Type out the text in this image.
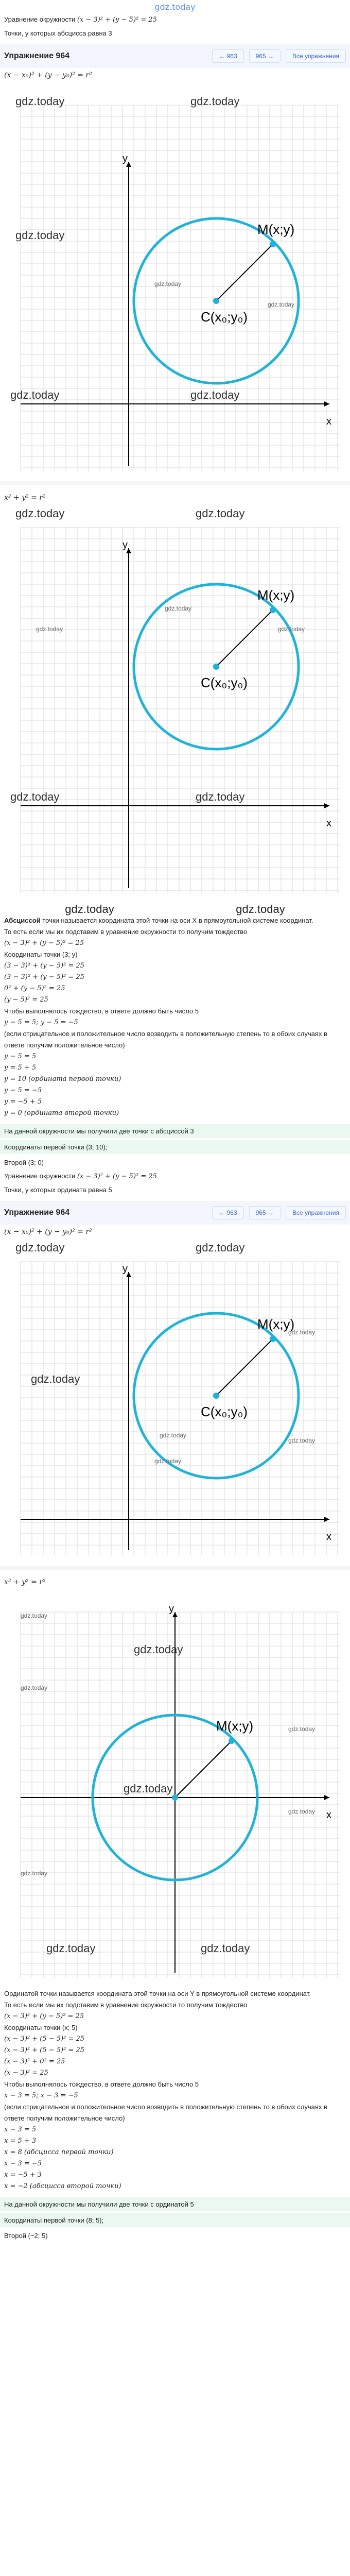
gdz.today
Уравнение окружности (x − 3)² + (y − 5)² = 25
Точки, у которых абсцисса равна 3
Упражнение 964	← 963	965 →	Все упражнения
(x − x₀)² + (y − y₀)² = r²
y
x
M(x;y)
C(x₀;y₀)
gdz.today	gdz.today
gdz.today
gdz.today	gdz.today
gdz.today
gdz.today
x² + y² = r²
y
x
M(x;y)
C(x₀;y₀)
gdz.today	gdz.today
gdz.today
gdz.today
gdz.today
gdz.today	gdz.today
gdz.today	gdz.today
Абсциссой точки называется координата этой точки на оси X в прямоугольной системе координат.
То есть если мы их подставим в уравнение окружности то получим тождество
(x − 3)² + (y − 5)² = 25
Координаты точки (3; y)
(3 − 3)² + (y − 5)² = 25
(3 − 3)² + (y − 5)² = 25
0² + (y − 5)² = 25
(y − 5)² = 25
Чтобы выполнялось тождество, в ответе должно быть число 5
y − 5 = 5; y − 5 = −5
(если отрицательное и положительное число возводить в положительную степень то в обоих случаях в ответе получим положительное число)
y − 5 = 5
y = 5 + 5
y = 10 (ордината первой точки)
y − 5 = −5
y = −5 + 5
y = 0 (ордината второй точки)
На данной окружности мы получили две точки с абсциссой 3
Координаты первой точки (3; 10);
Второй (3; 0)
Уравнение окружности (x − 3)² + (y − 5)² = 25
Точки, у которых ордината равна 5
Упражнение 964	← 963	965 →	Все упражнения
(x − x₀)² + (y − y₀)² = r²
y
x
M(x;y)
C(x₀;y₀)
gdz.today	gdz.today
gdz.today
gdz.today
gdz.today
gdz.today
gdz.today
x² + y² = r²
y
x
M(x;y)
gdz.today
gdz.today
gdz.today
gdz.today
gdz.today
gdz.today
gdz.today
gdz.today	gdz.today
Ординатой точки называется координата этой точки на оси Y в прямоугольной системе координат.
То есть если мы их подставим в уравнение окружности то получим тождество
(x − 3)² + (y − 5)² = 25
Координаты точки (x; 5)
(x − 3)² + (5 − 5)² = 25
(x − 3)² + (5 − 5)² = 25
(x − 3)² + 0² = 25
(x − 3)² = 25
Чтобы выполнялось тождество, в ответе должно быть число 5
x − 3 = 5; x − 3 = −5
(если отрицательное и положительное число возводить в положительную степень то в обоих случаях в ответе получим положительное число)
x − 3 = 5
x = 5 + 3
x = 8 (абсцисса первой точки)
x − 3 = −5
x = −5 + 3
x = −2 (абсцисса второй точки)
На данной окружности мы получили две точки с ординатой 5
Координаты первой точки (8; 5);
Второй (−2; 5)
